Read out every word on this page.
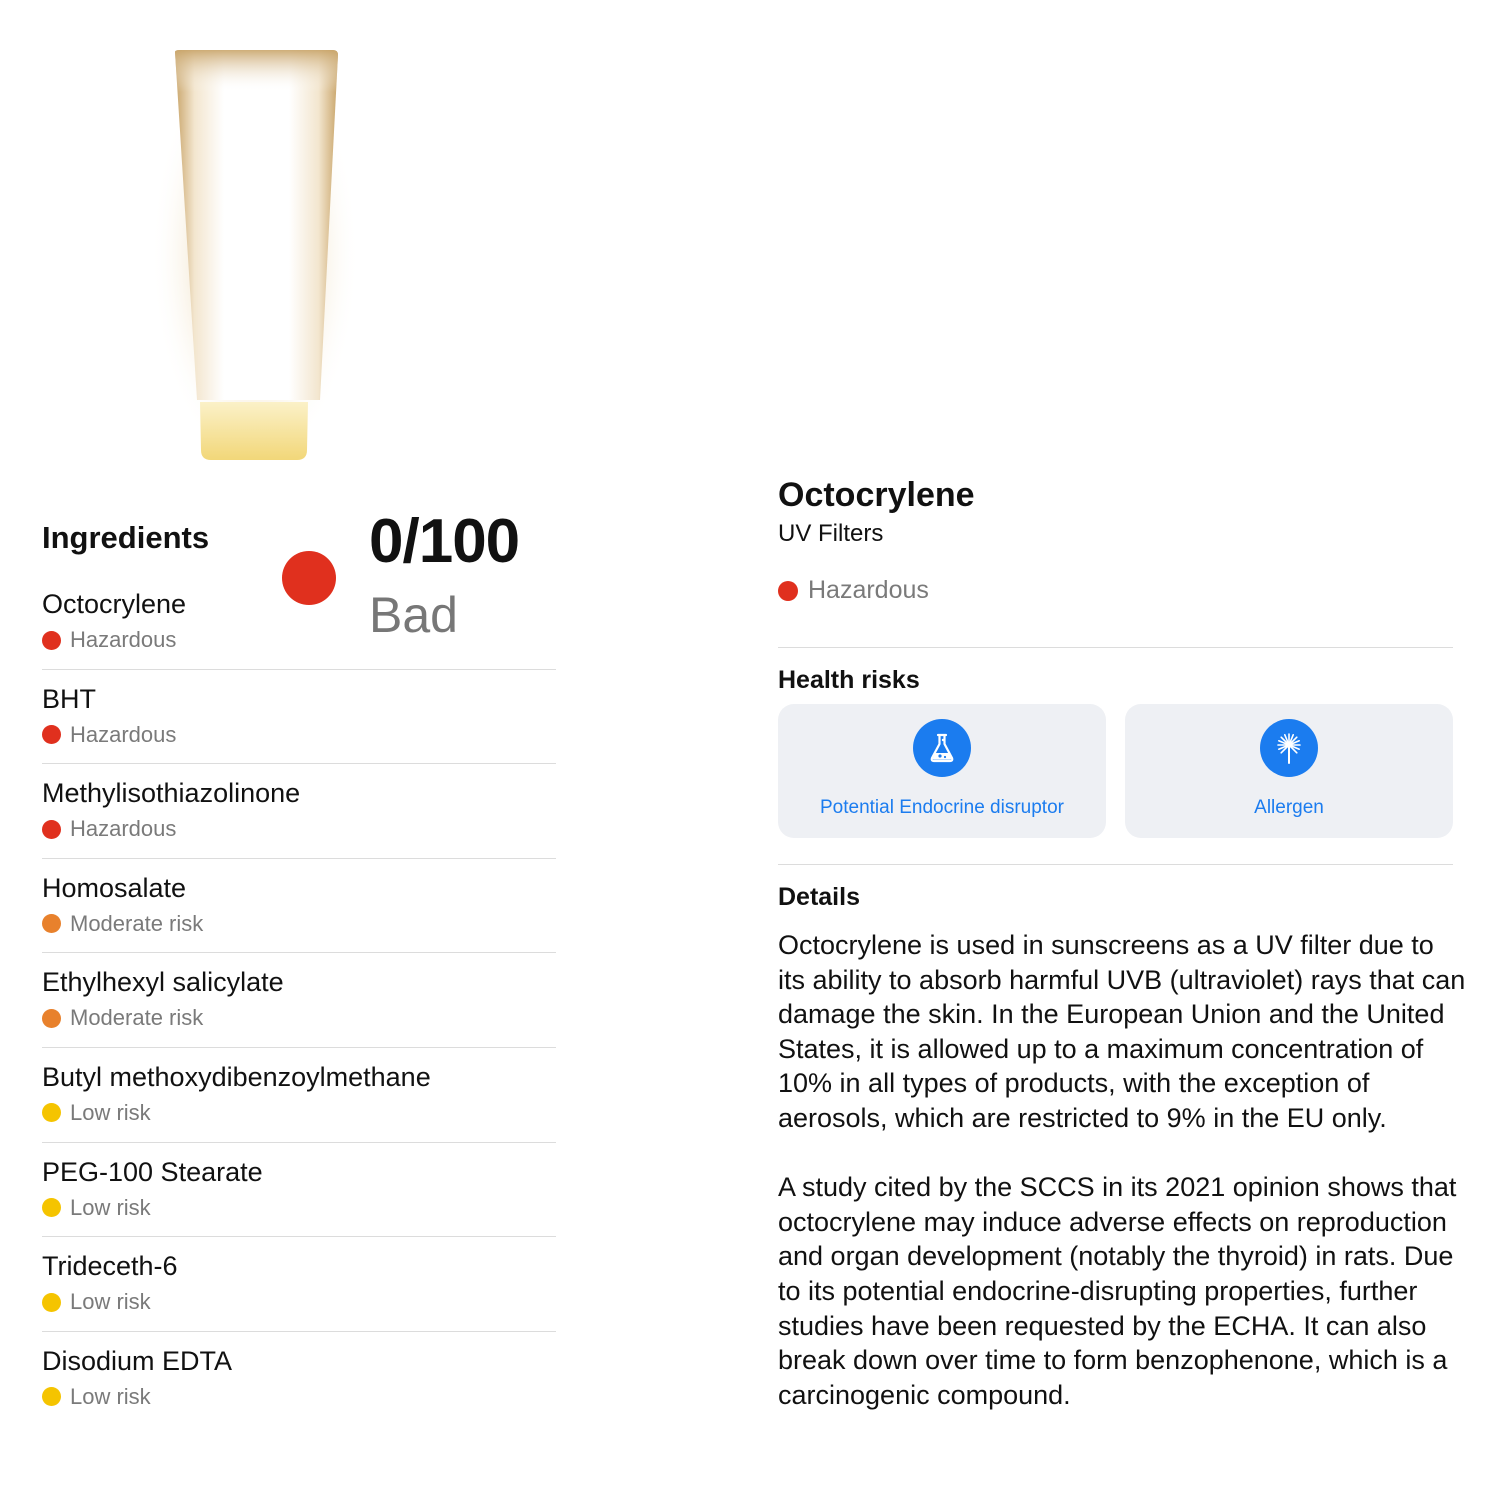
0/100
Bad
Ingredients
Octocrylene
Hazardous
BHT
Hazardous
Methylisothiazolinone
Hazardous
Homosalate
Moderate risk
Ethylhexyl salicylate
Moderate risk
Butyl methoxydibenzoylmethane
Low risk
PEG-100 Stearate
Low risk
Trideceth-6
Low risk
Disodium EDTA
Low risk
Octocrylene
UV Filters
Hazardous
Health risks
Potential Endocrine disruptor	Allergen
Details

Octocrylene is used in sunscreens as a UV filter due to its ability to absorb harmful UVB (ultraviolet) rays that can damage the skin. In the European Union and the United States, it is allowed up to a maximum concentration of 10% in all types of products, with the exception of aerosols, which are restricted to 9% in the EU only.

A study cited by the SCCS in its 2021 opinion shows that octocrylene may induce adverse effects on reproduction and organ development (notably the thyroid) in rats. Due to its potential endocrine-disrupting properties, further studies have been requested by the ECHA. It can also break down over time to form benzophenone, which is a carcinogenic compound.
